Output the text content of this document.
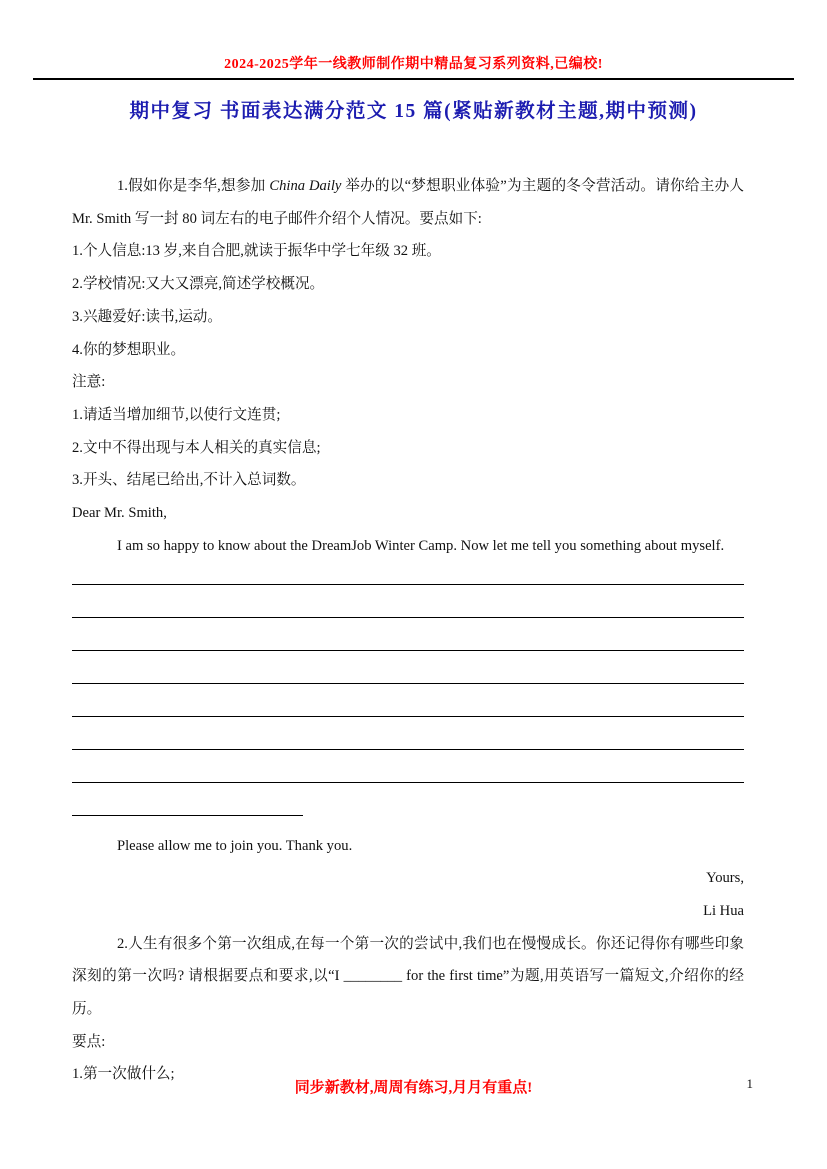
2024-2025学年一线教师制作期中精品复习系列资料,已编校!
期中复习 书面表达满分范文 15 篇(紧贴新教材主题,期中预测)

1.假如你是李华,想参加 China Daily 举办的以“梦想职业体验”为主题的冬令营活动。请你给主办人 Mr. Smith 写一封 80 词左右的电子邮件介绍个人情况。要点如下:

1.个人信息:13 岁,来自合肥,就读于振华中学七年级 32 班。

2.学校情况:又大又漂亮,简述学校概况。

3.兴趣爱好:读书,运动。

4.你的梦想职业。

注意:

1.请适当增加细节,以使行文连贯;

2.文中不得出现与本人相关的真实信息;

3.开头、结尾已给出,不计入总词数。

Dear Mr. Smith,

I am so happy to know about the DreamJob Winter Camp. Now let me tell you something about myself.

Please allow me to join you. Thank you.

Yours,

Li Hua

2.人生有很多个第一次组成,在每一个第一次的尝试中,我们也在慢慢成长。你还记得你有哪些印象深刻的第一次吗? 请根据要点和要求,以“I ________ for the first time”为题,用英语写一篇短文,介绍你的经历。

要点:

1.第一次做什么;

同步新教材,周周有练习,月月有重点!	1
